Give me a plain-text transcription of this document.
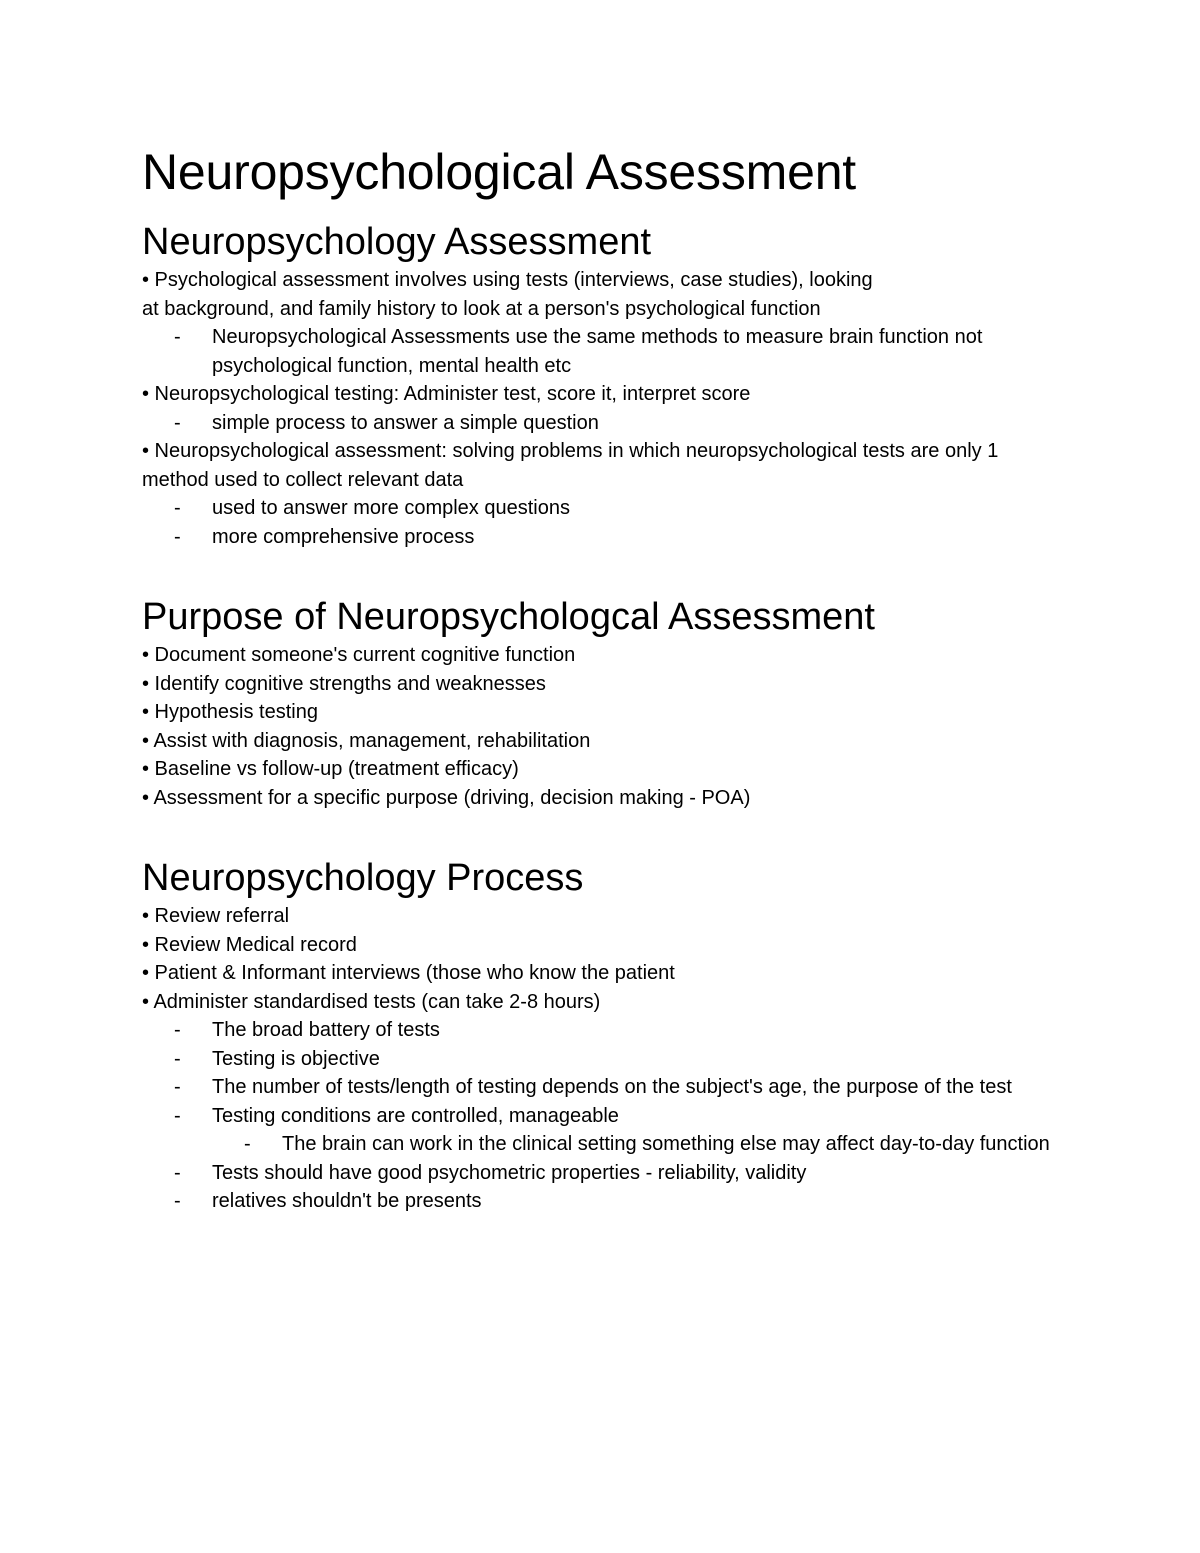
Neuropsychological Assessment
Neuropsychology Assessment
• Psychological assessment involves using tests (interviews, case studies), looking
at background, and family history to look at a person's psychological function
- Neuropsychological Assessments use the same methods to measure brain function not psychological function, mental health etc
• Neuropsychological testing: Administer test, score it, interpret score
- simple process to answer a simple question
• Neuropsychological assessment: solving problems in which neuropsychological tests are only 1 method used to collect relevant data
- used to answer more complex questions
- more comprehensive process
Purpose of Neuropsychologcal Assessment
• Document someone's current cognitive function
• Identify cognitive strengths and weaknesses
• Hypothesis testing
• Assist with diagnosis, management, rehabilitation
• Baseline vs follow-up (treatment efficacy)
• Assessment for a specific purpose (driving, decision making - POA)
Neuropsychology Process
• Review referral
• Review Medical record
• Patient & Informant interviews (those who know the patient
• Administer standardised tests (can take 2-8 hours)
- The broad battery of tests
- Testing is objective
- The number of tests/length of testing depends on the subject's age, the purpose of the test
- Testing conditions are controlled, manageable
- The brain can work in the clinical setting something else may affect day-to-day function
- Tests should have good psychometric properties - reliability, validity
- relatives shouldn't be presents
